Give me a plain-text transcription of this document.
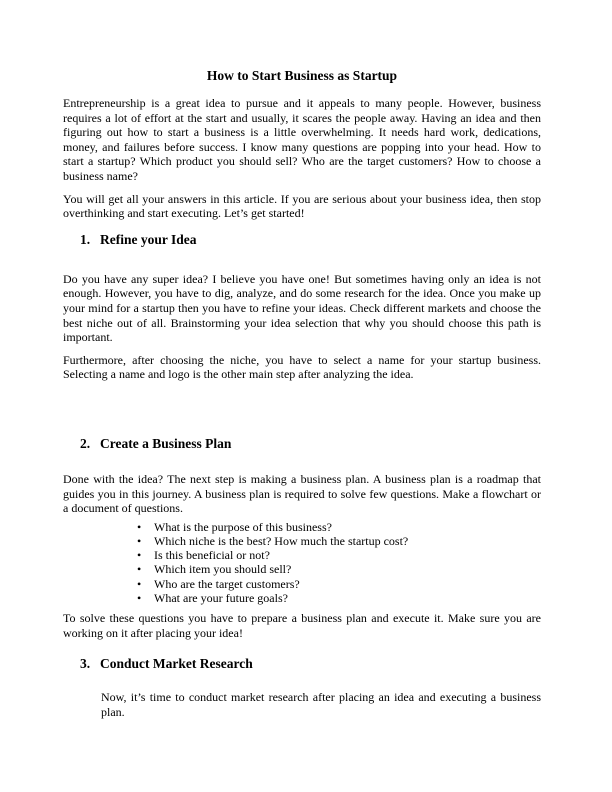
How to Start Business as Startup

Entrepreneurship is a great idea to pursue and it appeals to many people. However, business requires a lot of effort at the start and usually, it scares the people away. Having an idea and then figuring out how to start a business is a little overwhelming. It needs hard work, dedications, money, and failures before success. I know many questions are popping into your head. How to start a startup? Which product you should sell? Who are the target customers? How to choose a business name?

You will get all your answers in this article. If you are serious about your business idea, then stop overthinking and start executing. Let’s get started!

1. Refine your Idea

Do you have any super idea? I believe you have one! But sometimes having only an idea is not enough. However, you have to dig, analyze, and do some research for the idea. Once you make up your mind for a startup then you have to refine your ideas. Check different markets and choose the best niche out of all. Brainstorming your idea selection that why you should choose this path is important.

Furthermore, after choosing the niche, you have to select a name for your startup business. Selecting a name and logo is the other main step after analyzing the idea.

2. Create a Business Plan

Done with the idea? The next step is making a business plan. A business plan is a roadmap that guides you in this journey. A business plan is required to solve few questions. Make a flowchart or a document of questions.

• What is the purpose of this business?
• Which niche is the best? How much the startup cost?
• Is this beneficial or not?
• Which item you should sell?
• Who are the target customers?
• What are your future goals?

To solve these questions you have to prepare a business plan and execute it. Make sure you are working on it after placing your idea!

3. Conduct Market Research

Now, it’s time to conduct market research after placing an idea and executing a business plan.
